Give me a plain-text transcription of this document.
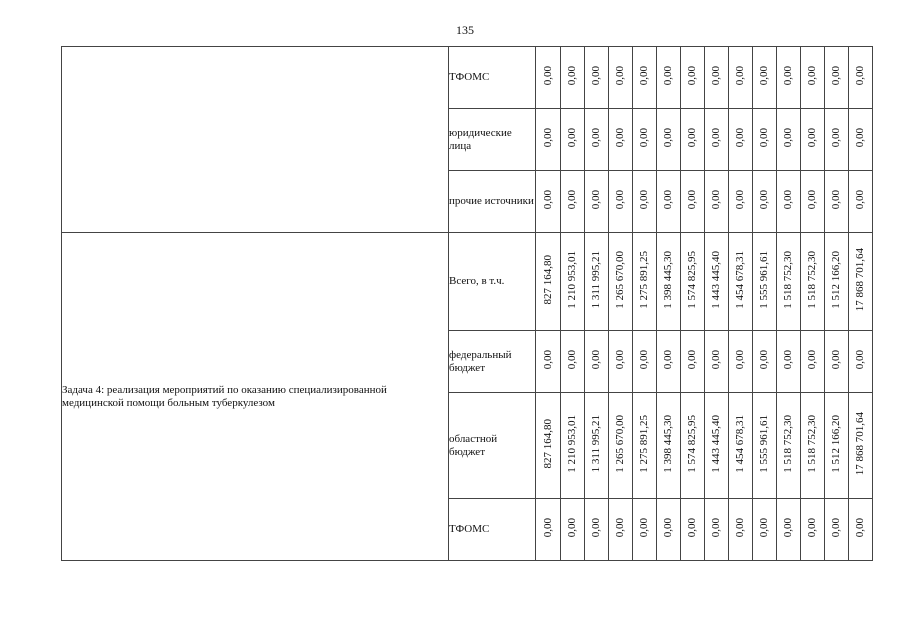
135
	ТФОМС	0,00	0,00	0,00	0,00	0,00	0,00	0,00	0,00	0,00	0,00	0,00	0,00	0,00	0,00
	юридические лица	0,00	0,00	0,00	0,00	0,00	0,00	0,00	0,00	0,00	0,00	0,00	0,00	0,00	0,00
	прочие источники	0,00	0,00	0,00	0,00	0,00	0,00	0,00	0,00	0,00	0,00	0,00	0,00	0,00	0,00
Задача 4: реализация мероприятий по оказанию специализированной медицинской помощи больным туберкулезом	Всего, в т.ч.	827 164,80	1 210 953,01	1 311 995,21	1 265 670,00	1 275 891,25	1 398 445,30	1 574 825,95	1 443 445,40	1 454 678,31	1 555 961,61	1 518 752,30	1 518 752,30	1 512 166,20	17 868 701,64
	федеральный бюджет	0,00	0,00	0,00	0,00	0,00	0,00	0,00	0,00	0,00	0,00	0,00	0,00	0,00	0,00
	областной бюджет	827 164,80	1 210 953,01	1 311 995,21	1 265 670,00	1 275 891,25	1 398 445,30	1 574 825,95	1 443 445,40	1 454 678,31	1 555 961,61	1 518 752,30	1 518 752,30	1 512 166,20	17 868 701,64
	ТФОМС	0,00	0,00	0,00	0,00	0,00	0,00	0,00	0,00	0,00	0,00	0,00	0,00	0,00	0,00
